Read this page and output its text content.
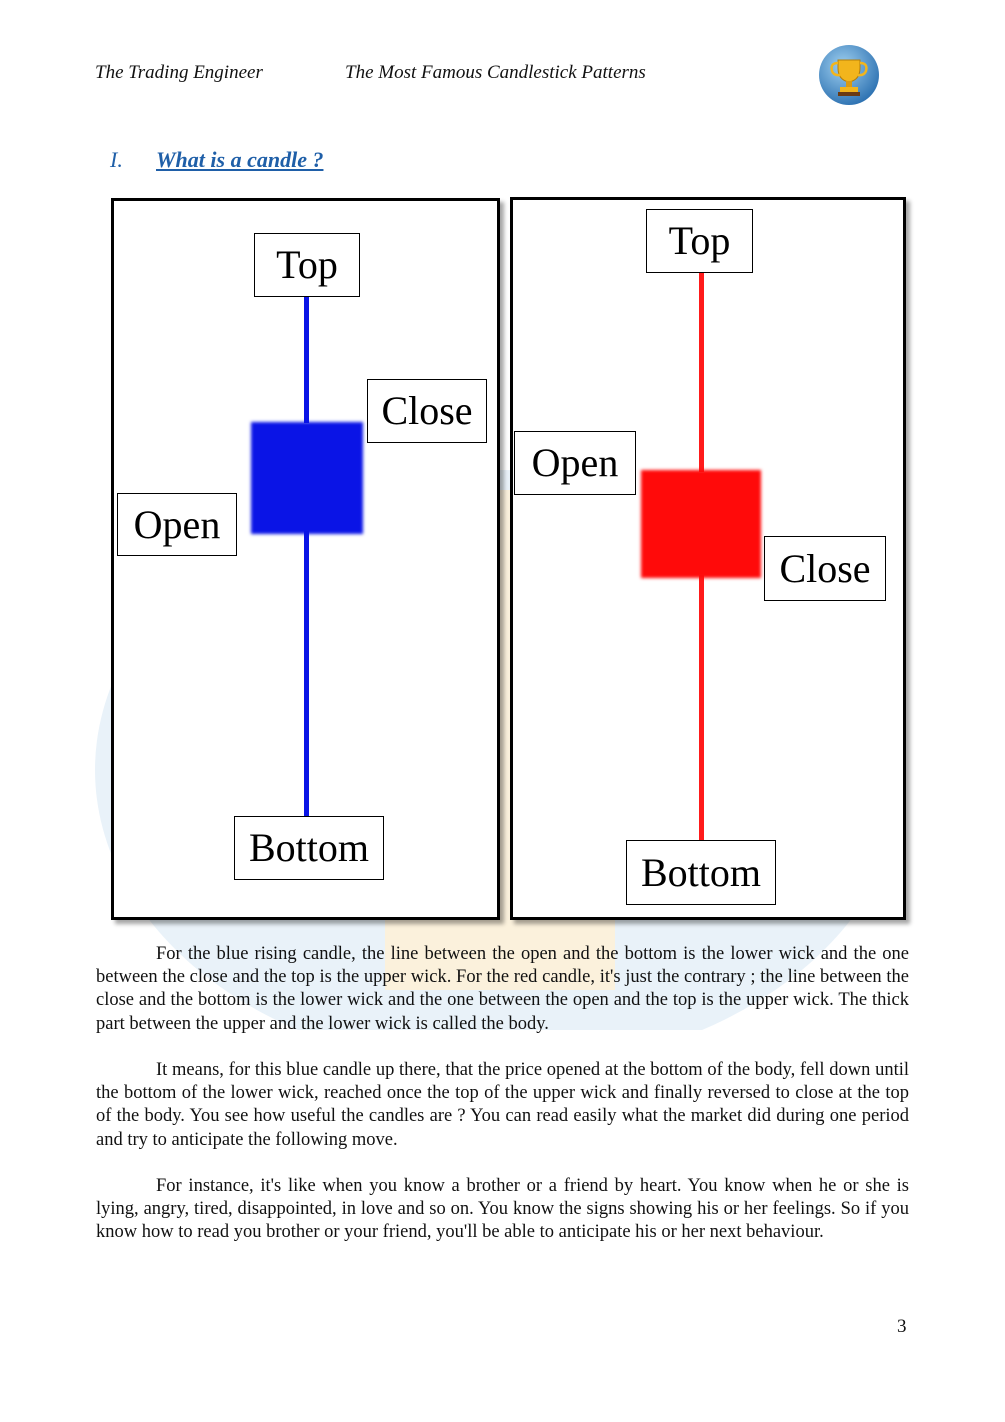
The Trading Engineer	The Most Famous Candlestick Patterns
I. What is a candle ?
Top
Close
Open
Bottom
Top
Open
Close
Bottom

For the blue rising candle, the line between the open and the bottom is the lower wick and the one between the close and the top is the upper wick. For the red candle, it's just the contrary ; the line between the close and the bottom is the lower wick and the one between the open and the top is the upper wick. The thick part between the upper and the lower wick is called the body.

It means, for this blue candle up there, that the price opened at the bottom of the body, fell down until the bottom of the lower wick, reached once the top of the upper wick and finally reversed to close at the top of the body. You see how useful the candles are ? You can read easily what the market did during one period and try to anticipate the following move.

For instance, it's like when you know a brother or a friend by heart. You know when he or she is lying, angry, tired, disappointed, in love and so on. You know the signs showing his or her feelings. So if you know how to read you brother or your friend, you'll be able to anticipate his or her next behaviour.

3
